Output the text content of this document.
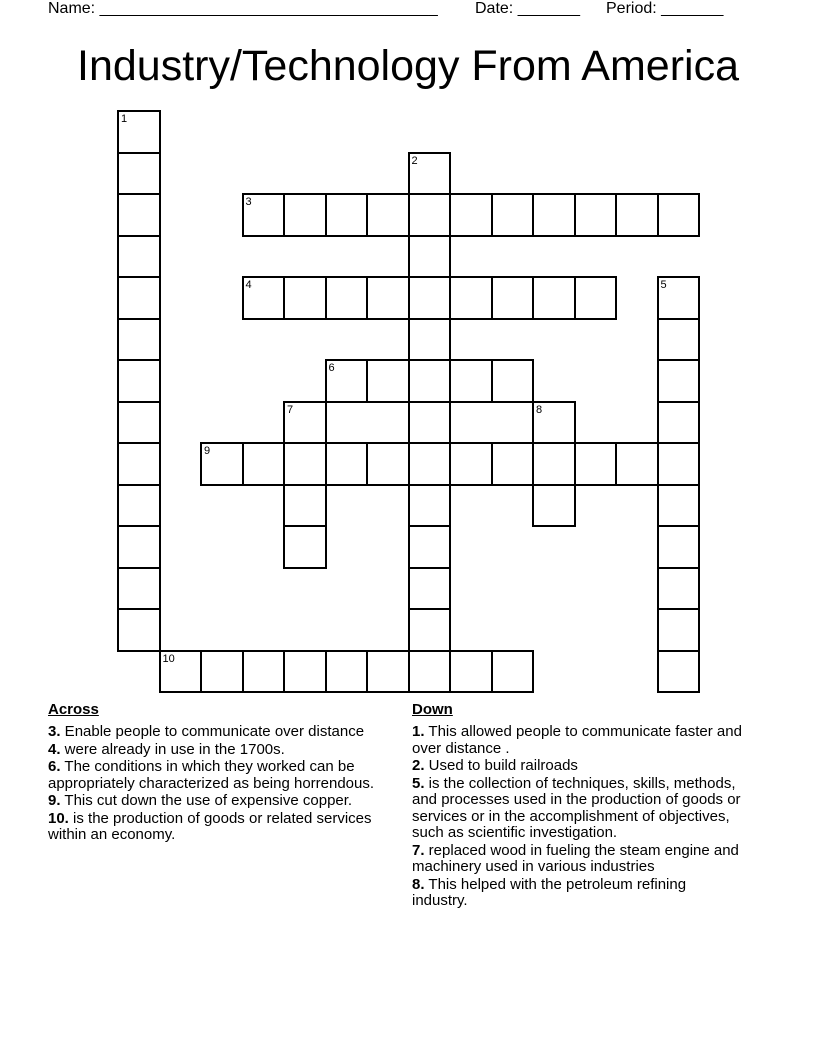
Name: ______________________________________ Date: _______ Period: _______
Industry/Technology From America
1
2
3
4	5
6
7	8
9
10
Across
3. Enable people to communicate over distance
4. were already in use in the 1700s.
6. The conditions in which they worked can be appropriately characterized as being horrendous.
9. This cut down the use of expensive copper.
10. is the production of goods or related services within an economy.
Down
1. This allowed people to communicate faster and over distance .
2. Used to build railroads
5. is the collection of techniques, skills, methods, and processes used in the production of goods or services or in the accomplishment of objectives, such as scientific investigation.
7. replaced wood in fueling the steam engine and machinery used in various industries
8. This helped with the petroleum refining industry.
